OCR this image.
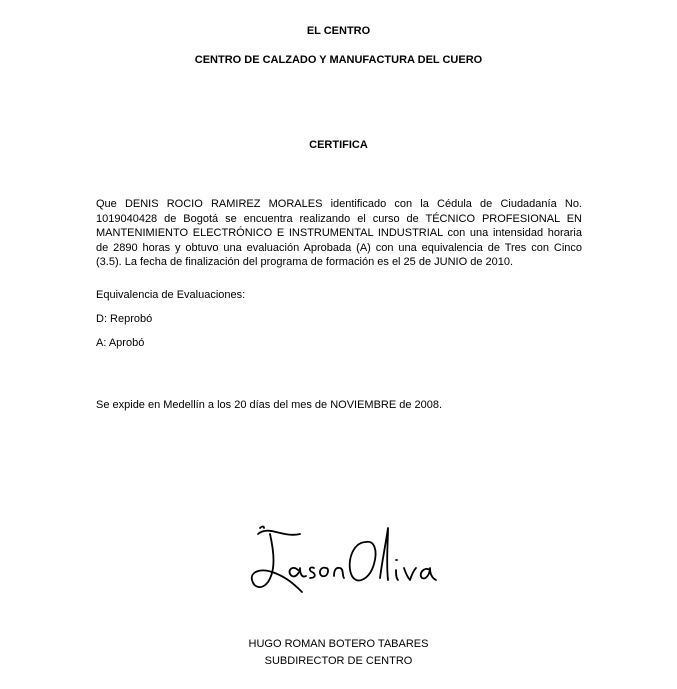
EL CENTRO
CENTRO DE CALZADO Y MANUFACTURA DEL CUERO
CERTIFICA
Que DENIS ROCIO RAMIREZ MORALES identificado con la Cédula de Ciudadanía No. 1019040428 de Bogotá se encuentra realizando el curso de TÉCNICO PROFESIONAL EN MANTENIMIENTO ELECTRÓNICO E INSTRUMENTAL INDUSTRIAL con una intensidad horaria de 2890 horas y obtuvo una evaluación Aprobada (A) con una equivalencia de Tres con Cinco (3.5). La fecha de finalización del programa de formación es el 25 de JUNIO de 2010.
Equivalencia de Evaluaciones:
D: Reprobó
A: Aprobó
Se expide en Medellín a los 20 días del mes de NOVIEMBRE de 2008.
HUGO ROMAN BOTERO TABARES
SUBDIRECTOR DE CENTRO
